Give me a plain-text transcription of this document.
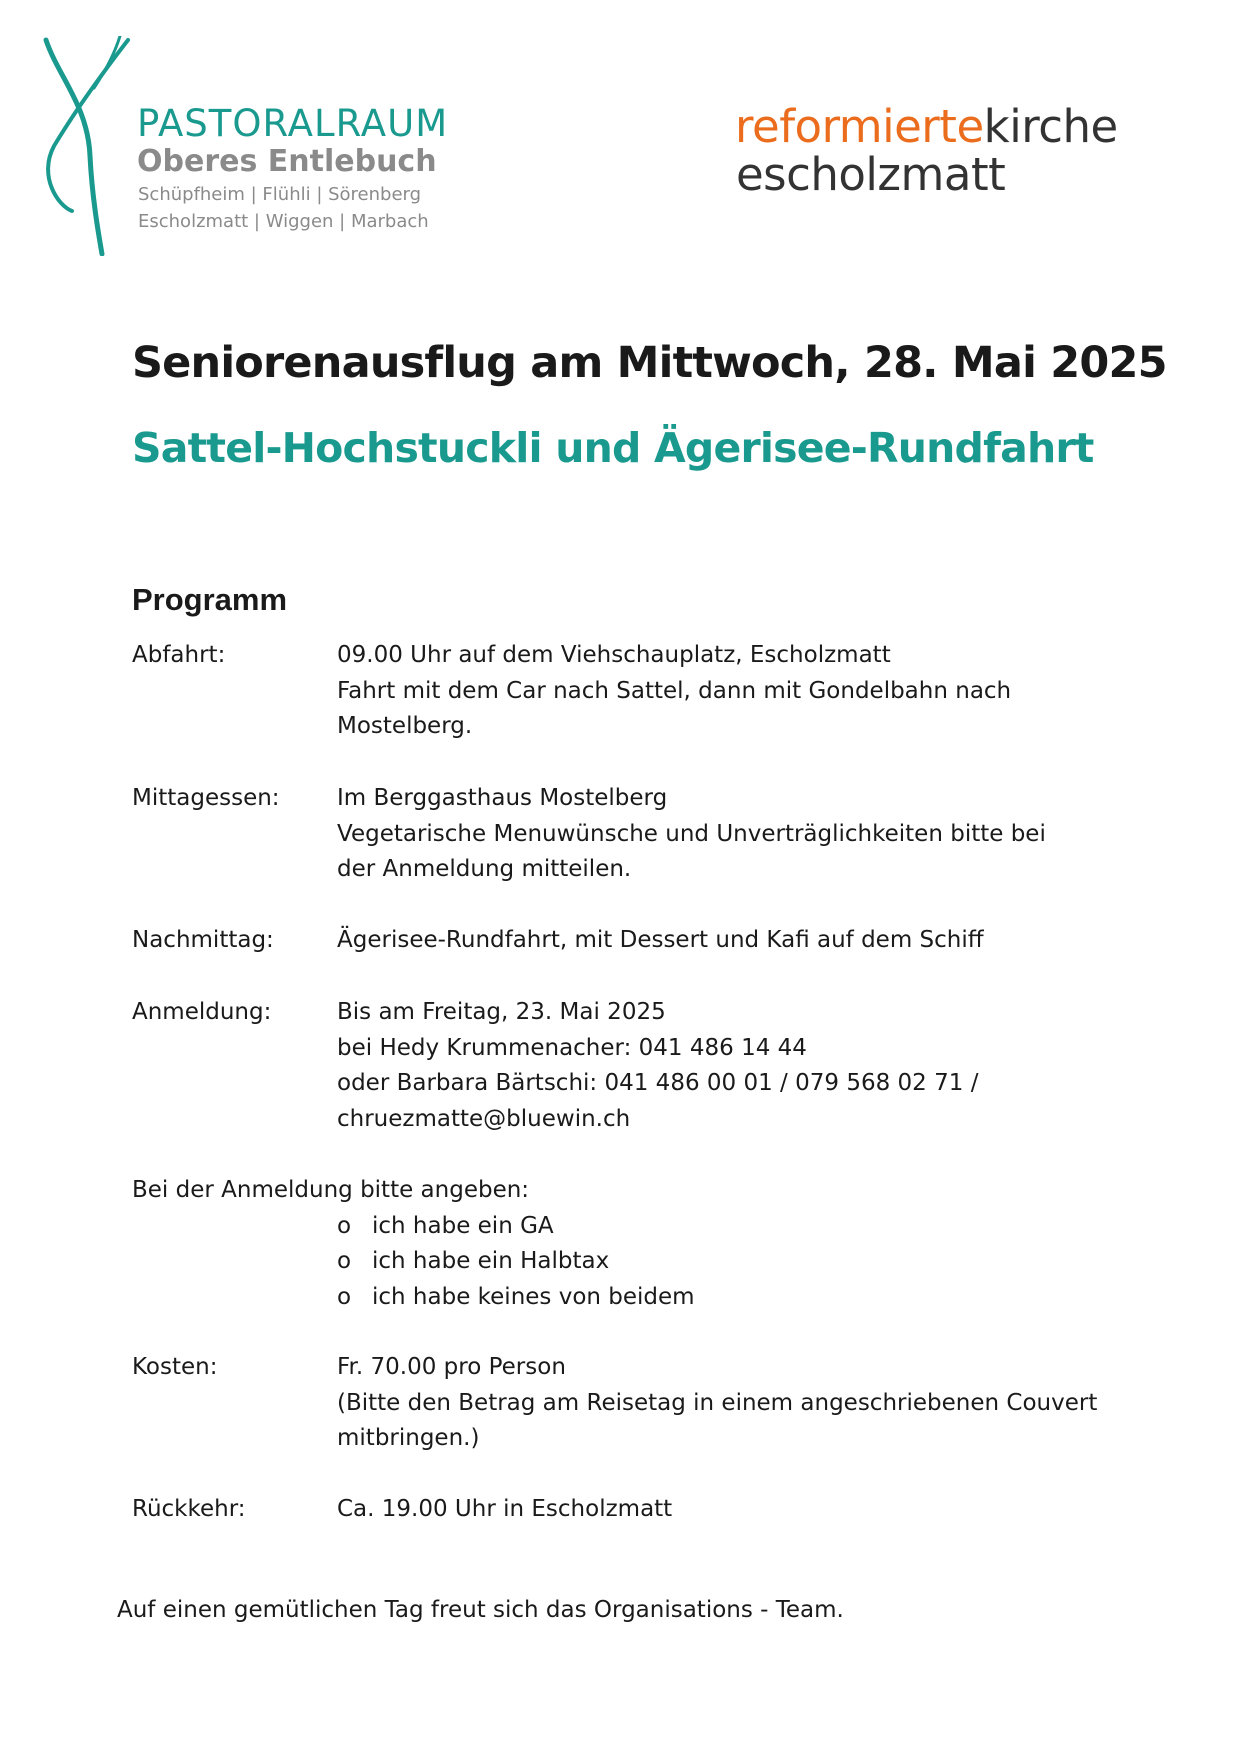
PASTORALRAUM
Oberes Entlebuch
Schüpfheim | Flühli | Sörenberg
Escholzmatt | Wiggen | Marbach
reformiertekirche
escholzmatt
Seniorenausflug am Mittwoch, 28. Mai 2025
Sattel-Hochstuckli und Ägerisee-Rundfahrt
Programm
Abfahrt:	09.00 Uhr auf dem Viehschauplatz, Escholzmatt
Fahrt mit dem Car nach Sattel, dann mit Gondelbahn nach
Mostelberg.
Mittagessen: Im Berggasthaus Mostelberg
Vegetarische Menuwünsche und Unverträglichkeiten bitte bei
der Anmeldung mitteilen.
Nachmittag:	Ägerisee-Rundfahrt, mit Dessert und Kafi auf dem Schiff
Anmeldung:	Bis am Freitag, 23. Mai 2025
bei Hedy Krummenacher: 041 486 14 44
oder Barbara Bärtschi: 041 486 00 01 / 079 568 02 71 /
chruezmatte@bluewin.ch
Bei der Anmeldung bitte angeben:
o ich habe ein GA
o ich habe ein Halbtax
o ich habe keines von beidem
Kosten:	Fr. 70.00 pro Person
(Bitte den Betrag am Reisetag in einem angeschriebenen Couvert
mitbringen.)
Rückkehr:	Ca. 19.00 Uhr in Escholzmatt
Auf einen gemütlichen Tag freut sich das Organisations - Team.
